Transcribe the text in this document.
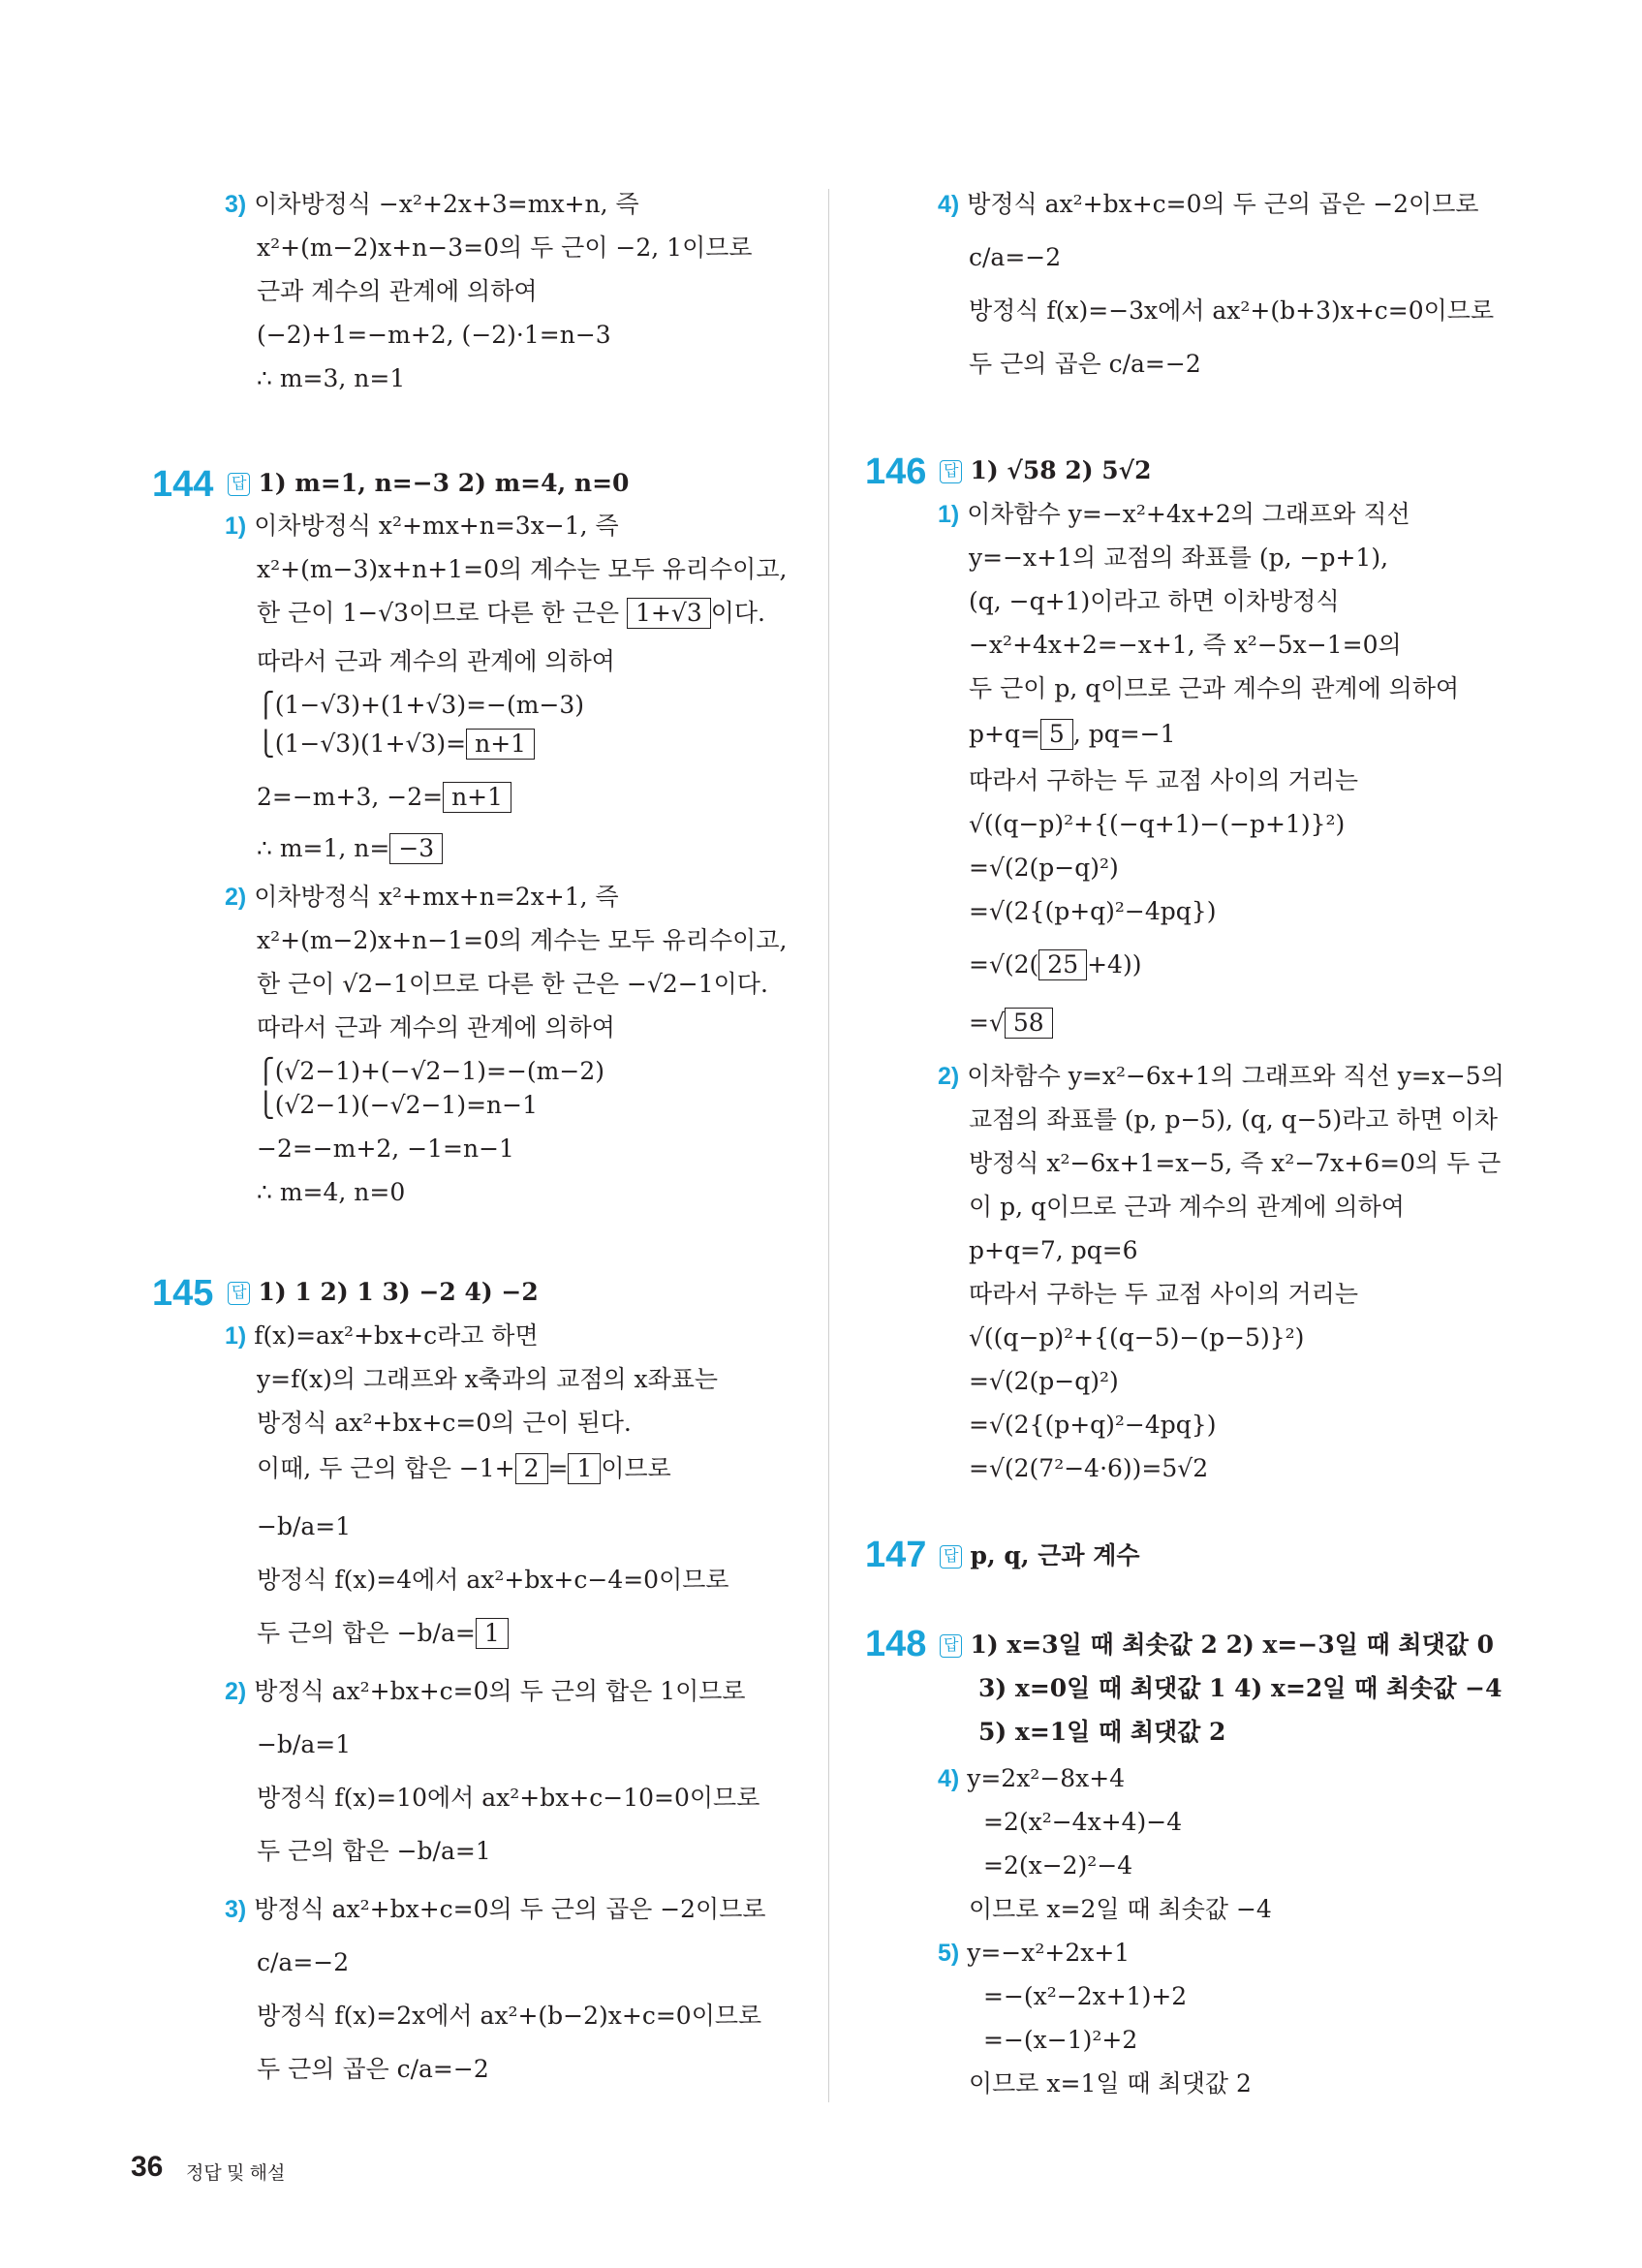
3) 이차방정식 −x²+2x+3=mx+n, 즉
x²+(m−2)x+n−3=0의 두 근이 −2, 1이므로
근과 계수의 관계에 의하여
(−2)+1=−m+2, (−2)·1=n−3
∴ m=3, n=1
144 답 1) m=1, n=−3 2) m=4, n=0
1) 이차방정식 x²+mx+n=3x−1, 즉
x²+(m−3)x+n+1=0의 계수는 모두 유리수이고,
한 근이 1−√3이므로 다른 한 근은 1+√3 이다.
따라서 근과 계수의 관계에 의하여
⎧(1−√3)+(1+√3)=−(m−3)
⎩(1−√3)(1+√3)= n+1
2=−m+3, −2= n+1
∴ m=1, n= −3
2) 이차방정식 x²+mx+n=2x+1, 즉
x²+(m−2)x+n−1=0의 계수는 모두 유리수이고,
한 근이 √2−1이므로 다른 한 근은 −√2−1이다.
따라서 근과 계수의 관계에 의하여
⎧(√2−1)+(−√2−1)=−(m−2)
⎩(√2−1)(−√2−1)=n−1
−2=−m+2, −1=n−1
∴ m=4, n=0
145 답 1) 1 2) 1 3) −2 4) −2
1) f(x)=ax²+bx+c라고 하면
y=f(x)의 그래프와 x축과의 교점의 x좌표는
방정식 ax²+bx+c=0의 근이 된다.
이때, 두 근의 합은 −1+ 2 = 1 이므로
−b/a=1
방정식 f(x)=4에서 ax²+bx+c−4=0이므로
두 근의 합은 −b/a= 1
2) 방정식 ax²+bx+c=0의 두 근의 합은 1이므로
−b/a=1
방정식 f(x)=10에서 ax²+bx+c−10=0이므로
두 근의 합은 −b/a=1
3) 방정식 ax²+bx+c=0의 두 근의 곱은 −2이므로
c/a=−2
방정식 f(x)=2x에서 ax²+(b−2)x+c=0이므로
두 근의 곱은 c/a=−2
4) 방정식 ax²+bx+c=0의 두 근의 곱은 −2이므로
c/a=−2
방정식 f(x)=−3x에서 ax²+(b+3)x+c=0이므로
두 근의 곱은 c/a=−2
146 답 1) √58 2) 5√2
1) 이차함수 y=−x²+4x+2의 그래프와 직선
y=−x+1의 교점의 좌표를 (p, −p+1),
(q, −q+1)이라고 하면 이차방정식
−x²+4x+2=−x+1, 즉 x²−5x−1=0의
두 근이 p, q이므로 근과 계수의 관계에 의하여
p+q= 5 , pq=−1
따라서 구하는 두 교점 사이의 거리는
√((q−p)²+{(−q+1)−(−p+1)}²)
=√(2(p−q)²)
=√(2{(p+q)²−4pq})
=√(2( 25 +4))
=√ 58
2) 이차함수 y=x²−6x+1의 그래프와 직선 y=x−5의
교점의 좌표를 (p, p−5), (q, q−5)라고 하면 이차
방정식 x²−6x+1=x−5, 즉 x²−7x+6=0의 두 근
이 p, q이므로 근과 계수의 관계에 의하여
p+q=7, pq=6
따라서 구하는 두 교점 사이의 거리는
√((q−p)²+{(q−5)−(p−5)}²)
=√(2(p−q)²)
=√(2{(p+q)²−4pq})
=√(2(7²−4·6))=5√2
147 답 p, q, 근과 계수
148 답 1) x=3일 때 최솟값 2 2) x=−3일 때 최댓값 0
3) x=0일 때 최댓값 1 4) x=2일 때 최솟값 −4
5) x=1일 때 최댓값 2
4) y=2x²−8x+4
=2(x²−4x+4)−4
=2(x−2)²−4
이므로 x=2일 때 최솟값 −4
5) y=−x²+2x+1
=−(x²−2x+1)+2
=−(x−1)²+2
이므로 x=1일 때 최댓값 2
36 정답 및 해설
